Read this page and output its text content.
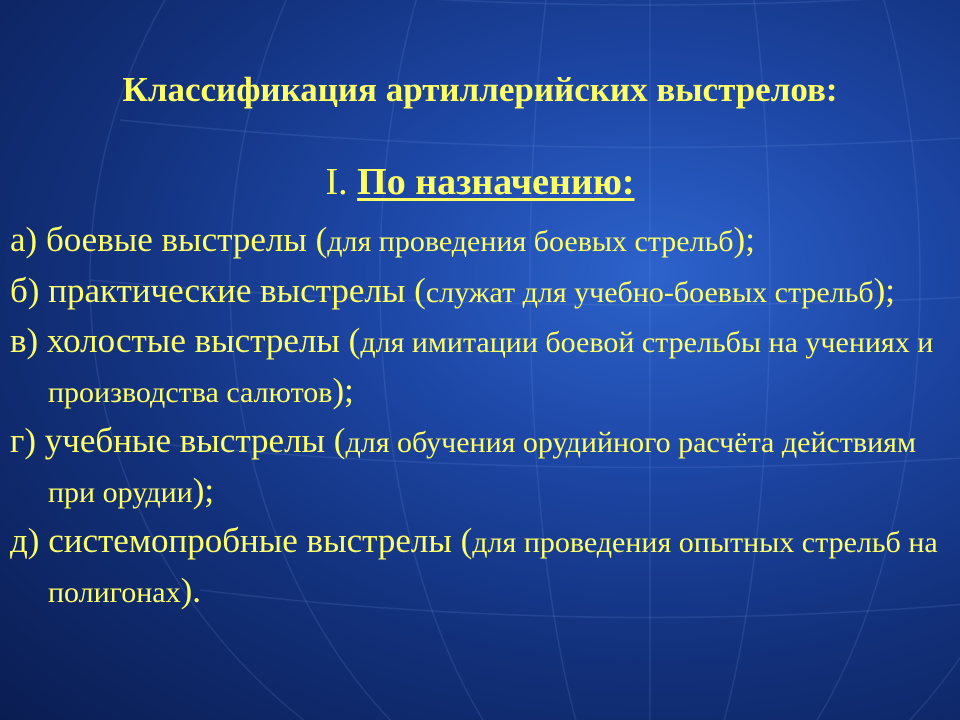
Классификация артиллерийских выстрелов:
I. По назначению:

а) боевые выстрелы (для проведения боевых стрельб);

б) практические выстрелы (служат для учебно-боевых стрельб);

в) холостые выстрелы (для имитации боевой стрельбы на учениях и производства салютов);

г) учебные выстрелы (для обучения орудийного расчёта действиям при орудии);

д) системопробные выстрелы (для проведения опытных стрельб на полигонах).
